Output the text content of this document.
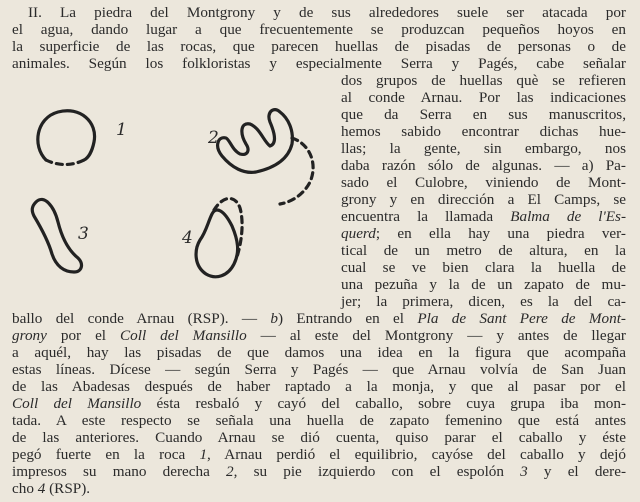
II. La piedra del Montgrony y de sus alrededores suele ser atacada por
el agua, dando lugar a que frecuentemente se produzcan pequeños hoyos en
la superficie de las rocas, que parecen huellas de pisadas de personas o de
animales. Según los folkloristas y especialmente Serra y Pagés, cabe señalar
dos grupos de huellas què se refieren
al conde Arnau. Por las indicaciones
que da Serra en sus manuscritos,
hemos sabido encontrar dichas hue-
llas; la gente, sin embargo, nos
daba razón sólo de algunas. — a) Pa-
sado el Culobre, viniendo de Mont-
grony y en dirección a El Camps, se
encuentra la llamada Balma de l'Es-
querd; en ella hay una piedra ver-
tical de un metro de altura, en la
cual se ve bien clara la huella de
una pezuña y la de un zapato de mu-
jer; la primera, dicen, es la del ca-
ballo del conde Arnau (RSP). — b) Entrando en el Pla de Sant Pere de Mont-
grony por el Coll del Mansillo — al este del Montgrony — y antes de llegar
a aquél, hay las pisadas de que damos una idea en la figura que acompaña
estas líneas. Dícese — según Serra y Pagés — que Arnau volvía de San Juan
de las Abadesas después de haber raptado a la monja, y que al pasar por el
Coll del Mansillo ésta resbaló y cayó del caballo, sobre cuya grupa iba mon-
tada. A este respecto se señala una huella de zapato femenino que está antes
de las anteriores. Cuando Arnau se dió cuenta, quiso parar el caballo y éste
pegó fuerte en la roca 1, Arnau perdió el equilibrio, cayóse del caballo y dejó
impresos su mano derecha 2, su pie izquierdo con el espolón 3 y el dere-
cho 4 (RSP).
1	2
3	4
